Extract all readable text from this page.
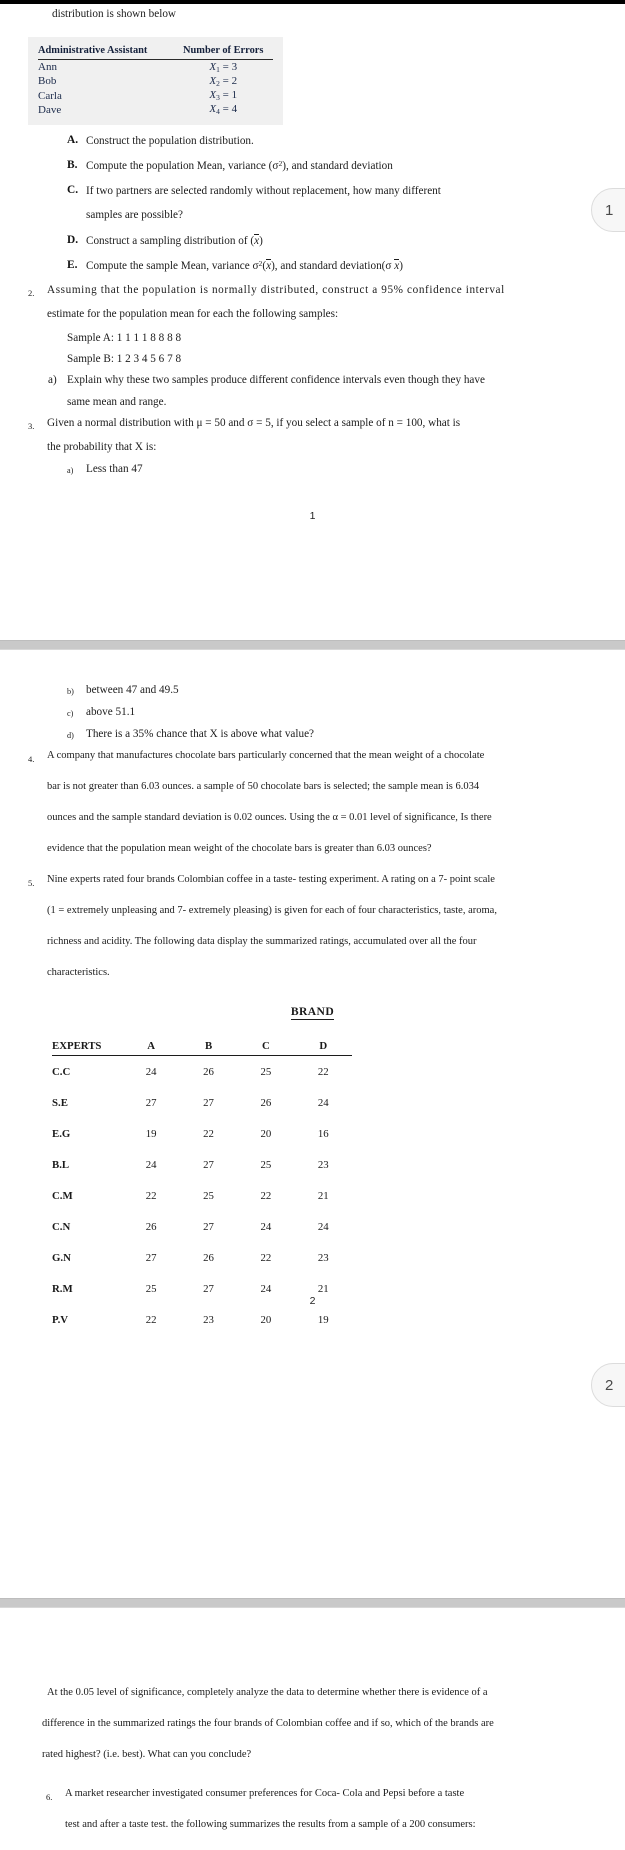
distribution is shown below
Administrative Assistant	Number of Errors
Ann	$X_1 = 3$
Bob	$X_2 = 2$
Carla	$X_3 = 1$
Dave	$X_4 = 4$
A. Construct the population distribution.
B. Compute the population Mean, variance $(\sigma^2)$, and standard deviation
C. If two partners are selected randomly without replacement, how many different
samples are possible?
D. Construct a sampling distribution of (x)
E. Compute the sample Mean, variance $\sigma^2(x)$, and standard deviation(σ x)
2. Assuming that the population is normally distributed, construct a 95% confidence interval
estimate for the population mean for each the following samples:
Sample A: 1 1 1 1 8 8 8 8
Sample B: 1 2 3 4 5 6 7 8
a) Explain why these two samples produce different confidence intervals even though they have
same mean and range.
3. Given a normal distribution with μ = 50 and σ = 5, if you select a sample of n = 100, what is
the probability that X is:
a) Less than 47
1
b) between 47 and 49.5
c) above 51.1
d) There is a 35% chance that X is above what value?
4. A company that manufactures chocolate bars particularly concerned that the mean weight of a chocolate
bar is not greater than 6.03 ounces. a sample of 50 chocolate bars is selected; the sample mean is 6.034
ounces and the sample standard deviation is 0.02 ounces. Using the α = 0.01 level of significance, Is there
evidence that the population mean weight of the chocolate bars is greater than 6.03 ounces?
5. Nine experts rated four brands Colombian coffee in a taste- testing experiment. A rating on a 7- point scale
(1 = extremely unpleasing and 7- extremely pleasing) is given for each of four characteristics, taste, aroma,
richness and acidity. The following data display the summarized ratings, accumulated over all the four
characteristics.
BRAND
EXPERTS	A	B	C	D
C.C	24	26	25	22
S.E	27	27	26	24
E.G	19	22	20	16
B.L	24	27	25	23
C.M	22	25	22	21
C.N	26	27	24	24
G.N	27	26	22	23
R.M	25	27	24	21
P.V	22	23	20	19
2
At the 0.05 level of significance, completely analyze the data to determine whether there is evidence of a
difference in the summarized ratings the four brands of Colombian coffee and if so, which of the brands are
rated highest? (i.e. best). What can you conclude?
6. A market researcher investigated consumer preferences for Coca- Cola and Pepsi before a taste
test and after a taste test. the following summarizes the results from a sample of a 200 consumers:
1
2
